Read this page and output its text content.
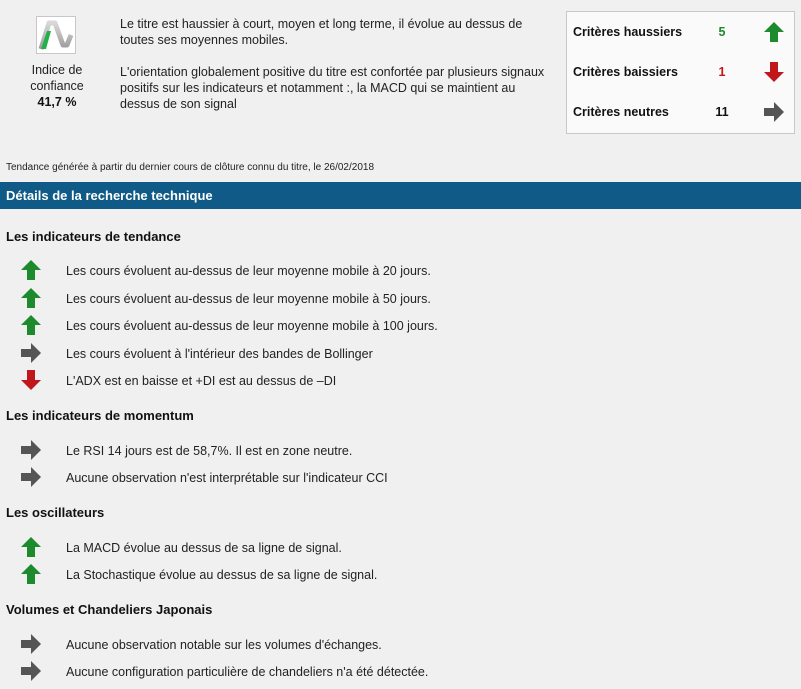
Indice de confiance
41,7 %

Le titre est haussier à court, moyen et long terme, il évolue au dessus de toutes ses moyennes mobiles.

L'orientation globalement positive du titre est confortée par plusieurs signaux positifs sur les indicateurs et notamment :, la MACD qui se maintient au dessus de son signal

Critères haussiers	5
Critères baissiers	1
Critères neutres	11
Tendance générée à partir du dernier cours de clôture connu du titre, le 26/02/2018
Détails de la recherche technique
Les indicateurs de tendance
Les cours évoluent au-dessus de leur moyenne mobile à 20 jours.
Les cours évoluent au-dessus de leur moyenne mobile à 50 jours.
Les cours évoluent au-dessus de leur moyenne mobile à 100 jours.
Les cours évoluent à l'intérieur des bandes de Bollinger
L'ADX est en baisse et +DI est au dessus de –DI
Les indicateurs de momentum
Le RSI 14 jours est de 58,7%. Il est en zone neutre.
Aucune observation n'est interprétable sur l'indicateur CCI
Les oscillateurs
La MACD évolue au dessus de sa ligne de signal.
La Stochastique évolue au dessus de sa ligne de signal.
Volumes et Chandeliers Japonais
Aucune observation notable sur les volumes d'échanges.
Aucune configuration particulière de chandeliers n'a été détectée.
